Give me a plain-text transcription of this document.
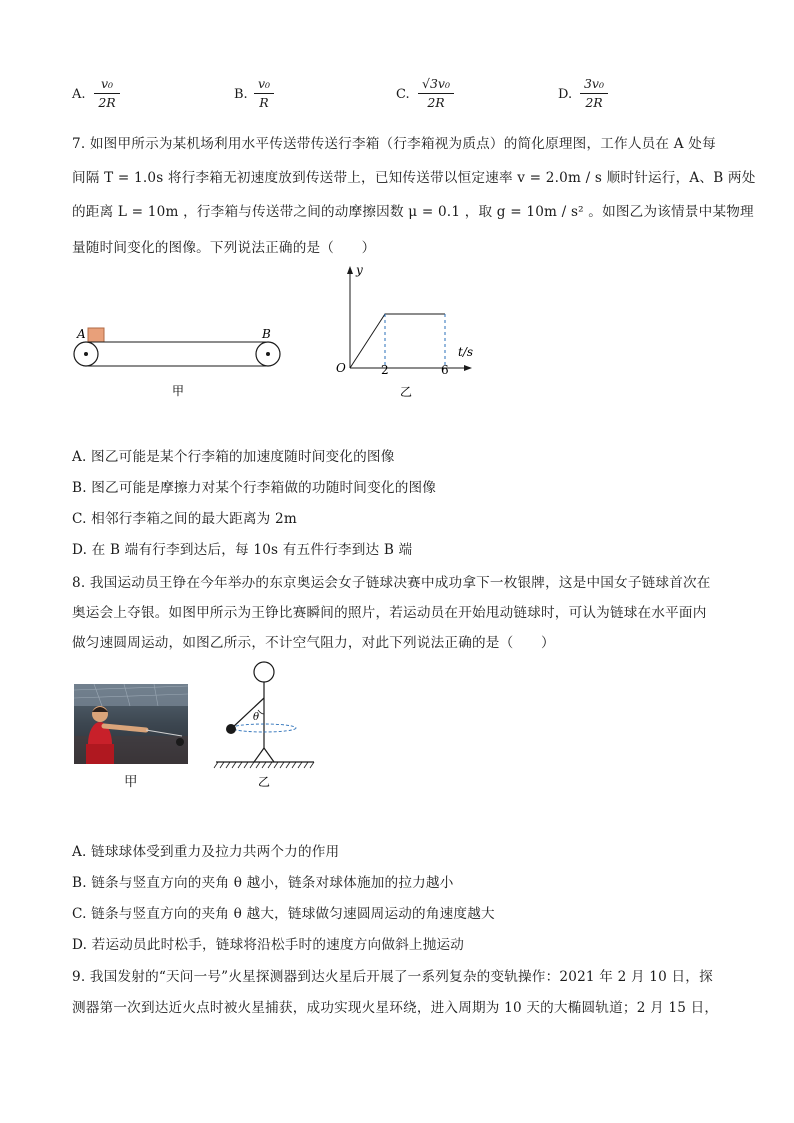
A.
v₀
2R
B.
v₀
R
C.
√3v₀
2R
D.
3v₀
2R
7. 如图甲所示为某机场利用水平传送带传送行李箱（行李箱视为质点）的简化原理图，工作人员在 A 处每
间隔 T = 1.0s 将行李箱无初速度放到传送带上，已知传送带以恒定速率 v = 2.0m / s 顺时针运行，A、B 两处
的距离 L = 10m ，行李箱与传送带之间的动摩擦因数 μ = 0.1 ，取 g = 10m / s² 。如图乙为该情景中某物理
量随时间变化的图像。下列说法正确的是（　　）
A	B
甲
y
t/s
O	2	6
乙
A. 图乙可能是某个行李箱的加速度随时间变化的图像
B. 图乙可能是摩擦力对某个行李箱做的功随时间变化的图像
C. 相邻行李箱之间的最大距离为 2m
D. 在 B 端有行李到达后，每 10s 有五件行李到达 B 端
8. 我国运动员王铮在今年举办的东京奥运会女子链球决赛中成功拿下一枚银牌，这是中国女子链球首次在
奥运会上夺银。如图甲所示为王铮比赛瞬间的照片，若运动员在开始甩动链球时，可认为链球在水平面内
做匀速圆周运动，如图乙所示，不计空气阻力，对此下列说法正确的是（　　）
甲
θ
乙
A. 链球球体受到重力及拉力共两个力的作用
B. 链条与竖直方向的夹角 θ 越小，链条对球体施加的拉力越小
C. 链条与竖直方向的夹角 θ 越大，链球做匀速圆周运动的角速度越大
D. 若运动员此时松手，链球将沿松手时的速度方向做斜上抛运动
9. 我国发射的“天问一号”火星探测器到达火星后开展了一系列复杂的变轨操作：2021 年 2 月 10 日，探
测器第一次到达近火点时被火星捕获，成功实现火星环绕，进入周期为 10 天的大椭圆轨道；2 月 15 日，
